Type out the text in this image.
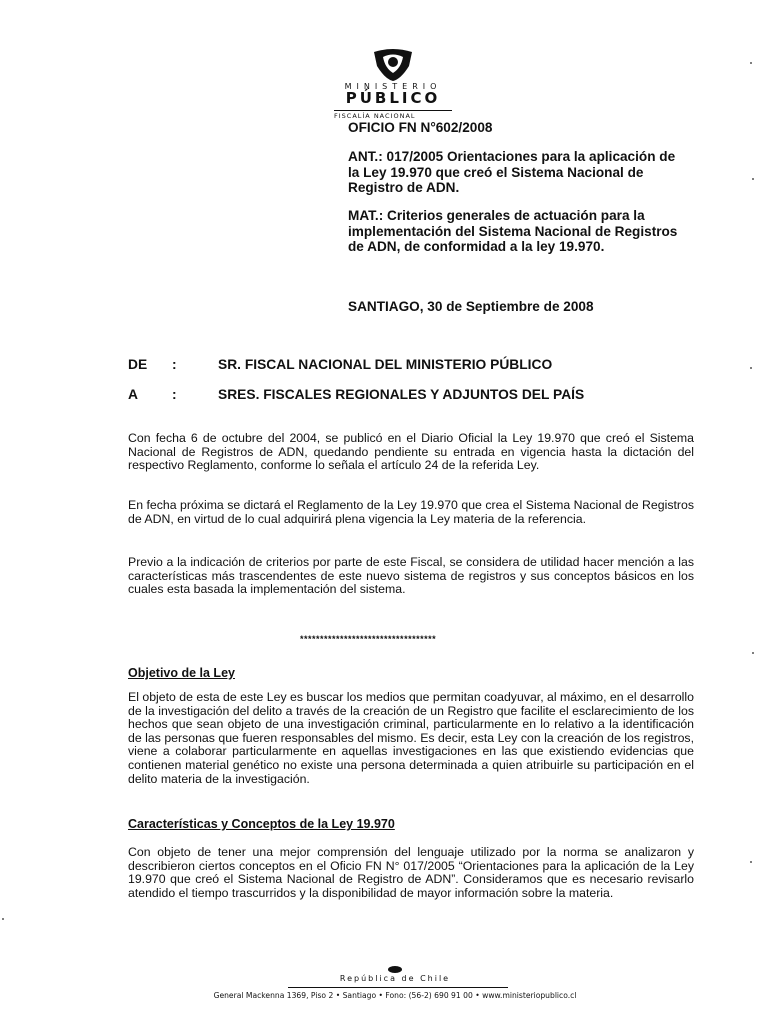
MINISTERIO
PÚBLICO
FISCALÍA NACIONAL
OFICIO FN N°602/2008
ANT.: 017/2005 Orientaciones para la aplicación de la Ley 19.970 que creó el Sistema Nacional de Registro de ADN.
MAT.: Criterios generales de actuación para la implementación del Sistema Nacional de Registros de ADN, de conformidad a la ley 19.970.
SANTIAGO, 30 de Septiembre de 2008
DE :	SR. FISCAL NACIONAL DEL MINISTERIO PÚBLICO
A :	SRES. FISCALES REGIONALES Y ADJUNTOS DEL PAÍS
Con fecha 6 de octubre del 2004, se publicó en el Diario Oficial la Ley 19.970 que creó el Sistema Nacional de Registros de ADN, quedando pendiente su entrada en vigencia hasta la dictación del respectivo Reglamento, conforme lo señala el artículo 24 de la referida Ley.
En fecha próxima se dictará el Reglamento de la Ley 19.970 que crea el Sistema Nacional de Registros de ADN, en virtud de lo cual adquirirá plena vigencia la Ley materia de la referencia.
Previo a la indicación de criterios por parte de este Fiscal, se considera de utilidad hacer mención a las características más trascendentes de este nuevo sistema de registros y sus conceptos básicos en los cuales esta basada la implementación del sistema.
**********************************
Objetivo de la Ley
El objeto de esta de este Ley es buscar los medios que permitan coadyuvar, al máximo, en el desarrollo de la investigación del delito a través de la creación de un Registro que facilite el esclarecimiento de los hechos que sean objeto de una investigación criminal, particularmente en lo relativo a la identificación de las personas que fueren responsables del mismo. Es decir, esta Ley con la creación de los registros, viene a colaborar particularmente en aquellas investigaciones en las que existiendo evidencias que contienen material genético no existe una persona determinada a quien atribuirle su participación en el delito materia de la investigación.
Características y Conceptos de la Ley 19.970
Con objeto de tener una mejor comprensión del lenguaje utilizado por la norma se analizaron y describieron ciertos conceptos en el Oficio FN N° 017/2005 “Orientaciones para la aplicación de la Ley 19.970 que creó el Sistema Nacional de Registro de ADN”. Consideramos que es necesario revisarlo atendido el tiempo trascurridos y la disponibilidad de mayor información sobre la materia.
República de Chile
General Mackenna 1369, Piso 2 • Santiago • Fono: (56-2) 690 91 00 • www.ministeriopublico.cl
